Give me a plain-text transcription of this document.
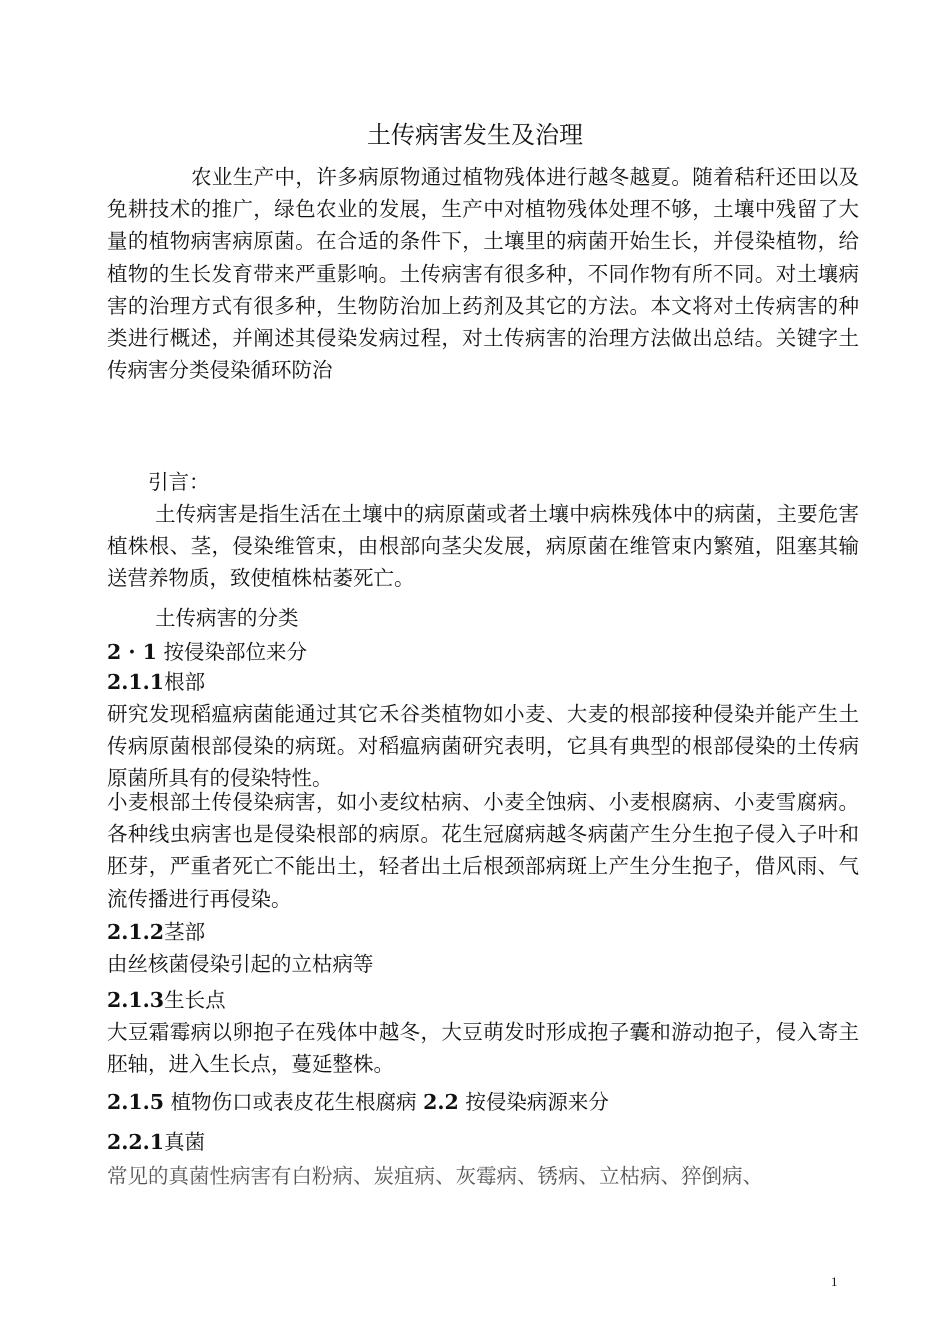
土传病害发生及治理
农业生产中，许多病原物通过植物残体进行越冬越夏。随着秸秆还田以及免耕技术的推广，绿色农业的发展，生产中对植物残体处理不够，土壤中残留了大量的植物病害病原菌。在合适的条件下，土壤里的病菌开始生长，并侵染植物，给植物的生长发育带来严重影响。土传病害有很多种，不同作物有所不同。对土壤病害的治理方式有很多种，生物防治加上药剂及其它的方法。本文将对土传病害的种类进行概述，并阐述其侵染发病过程，对土传病害的治理方法做出总结。关键字土传病害分类侵染循环防治
引言：
土传病害是指生活在土壤中的病原菌或者土壤中病株残体中的病菌，主要危害植株根、茎，侵染维管束，由根部向茎尖发展，病原菌在维管束内繁殖，阻塞其输送营养物质，致使植株枯萎死亡。
土传病害的分类
2 · 1 按侵染部位来分
2.1.1根部
研究发现稻瘟病菌能通过其它禾谷类植物如小麦、大麦的根部接种侵染并能产生土传病原菌根部侵染的病斑。对稻瘟病菌研究表明，它具有典型的根部侵染的土传病原菌所具有的侵染特性。
小麦根部土传侵染病害，如小麦纹枯病、小麦全蚀病、小麦根腐病、小麦雪腐病。各种线虫病害也是侵染根部的病原。花生冠腐病越冬病菌产生分生抱子侵入子叶和胚芽，严重者死亡不能出土，轻者出土后根颈部病斑上产生分生抱子，借风雨、气流传播进行再侵染。
2.1.2茎部
由丝核菌侵染引起的立枯病等
2.1.3生长点
大豆霜霉病以卵抱子在残体中越冬，大豆萌发时形成抱子囊和游动抱子，侵入寄主胚轴，进入生长点，蔓延整株。
2.1.5 植物伤口或表皮花生根腐病 2.2 按侵染病源来分
2.2.1真菌
常见的真菌性病害有白粉病、炭疽病、灰霉病、锈病、立枯病、猝倒病、
1
